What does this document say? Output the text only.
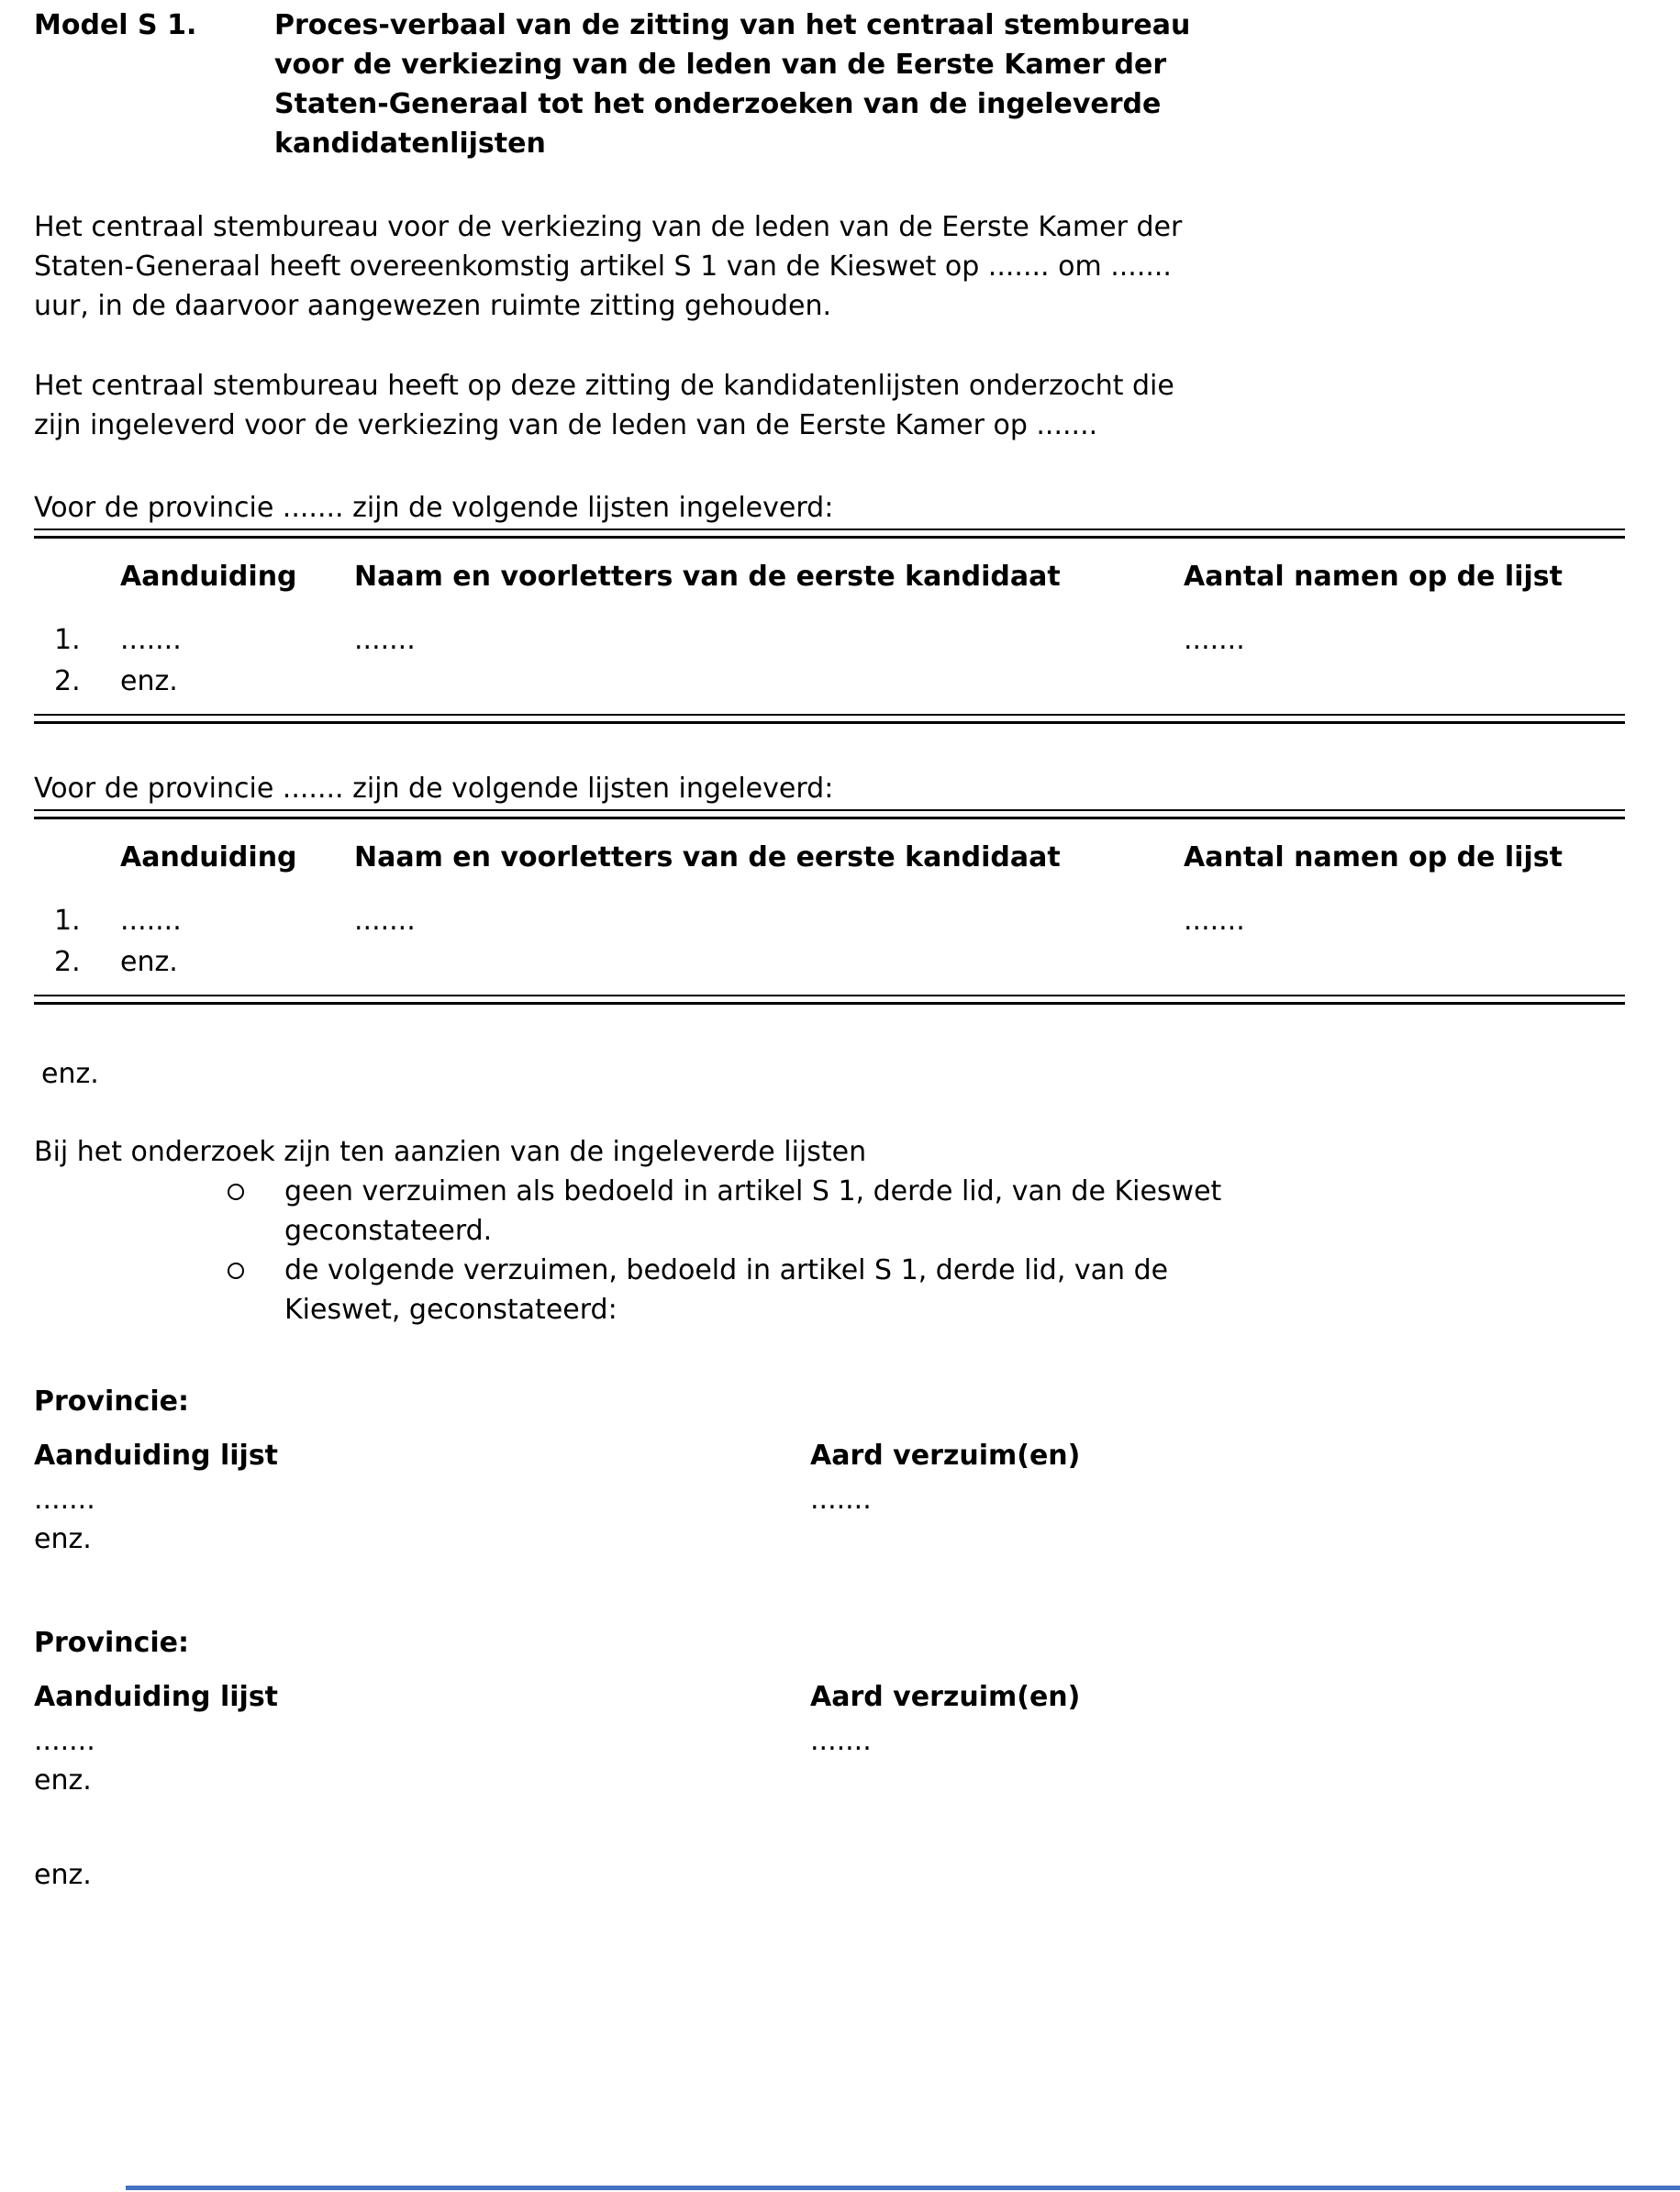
Model S 1.	Proces-verbaal van de zitting van het centraal stembureau
voor de verkiezing van de leden van de Eerste Kamer der
Staten-Generaal tot het onderzoeken van de ingeleverde
kandidatenlijsten
Het centraal stembureau voor de verkiezing van de leden van de Eerste Kamer der
Staten-Generaal heeft overeenkomstig artikel S 1 van de Kieswet op ....... om .......
uur, in de daarvoor aangewezen ruimte zitting gehouden.
Het centraal stembureau heeft op deze zitting de kandidatenlijsten onderzocht die
zijn ingeleverd voor de verkiezing van de leden van de Eerste Kamer op .......
Voor de provincie ....... zijn de volgende lijsten ingeleverd:
Aanduiding	Naam en voorletters van de eerste kandidaat	Aantal namen op de lijst
1.	.......	.......	.......
2.	enz.
Voor de provincie ....... zijn de volgende lijsten ingeleverd:
Aanduiding	Naam en voorletters van de eerste kandidaat	Aantal namen op de lijst
1.	.......	.......	.......
2.	enz.
enz.
Bij het onderzoek zijn ten aanzien van de ingeleverde lijsten
geen verzuimen als bedoeld in artikel S 1, derde lid, van de Kieswet
geconstateerd.
de volgende verzuimen, bedoeld in artikel S 1, derde lid, van de
Kieswet, geconstateerd:
Provincie:
Aanduiding lijst	Aard verzuim(en)
.......	.......
enz.
Provincie:
Aanduiding lijst	Aard verzuim(en)
.......	.......
enz.
enz.
